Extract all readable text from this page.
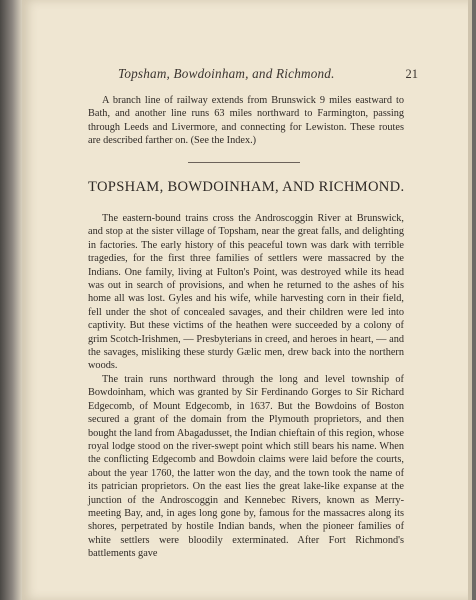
Topsham, Bowdoinham, and Richmond.	21

A branch line of railway extends from Brunswick 9 miles eastward to Bath, and another line runs 63 miles northward to Farmington, passing through Leeds and Livermore, and connecting for Lewiston. These routes are described farther on. (See the Index.)

TOPSHAM, BOWDOINHAM, AND RICHMOND.

The eastern-bound trains cross the Androscoggin River at Brunswick, and stop at the sister village of Topsham, near the great falls, and delighting in factories. The early history of this peaceful town was dark with terrible tragedies, for the first three families of settlers were massacred by the Indians. One family, living at Fulton's Point, was destroyed while its head was out in search of provisions, and when he returned to the ashes of his home all was lost. Gyles and his wife, while harvesting corn in their field, fell under the shot of concealed savages, and their children were led into captivity. But these victims of the heathen were succeeded by a colony of grim Scotch-Irishmen, — Presbyterians in creed, and heroes in heart, — and the savages, misliking these sturdy Gælic men, drew back into the northern woods.

The train runs northward through the long and level township of Bowdoinham, which was granted by Sir Ferdinando Gorges to Sir Richard Edgecomb, of Mount Edgecomb, in 1637. But the Bowdoins of Boston secured a grant of the domain from the Plymouth proprietors, and then bought the land from Abagadusset, the Indian chieftain of this region, whose royal lodge stood on the river-swept point which still bears his name. When the conflicting Edgecomb and Bowdoin claims were laid before the courts, about the year 1760, the latter won the day, and the town took the name of its patrician proprietors. On the east lies the great lake-like expanse at the junction of the Androscoggin and Kennebec Rivers, known as Merry-meeting Bay, and, in ages long gone by, famous for the massacres along its shores, perpetrated by hostile Indian bands, when the pioneer families of white settlers were bloodily exterminated. After Fort Richmond's battlements gave
